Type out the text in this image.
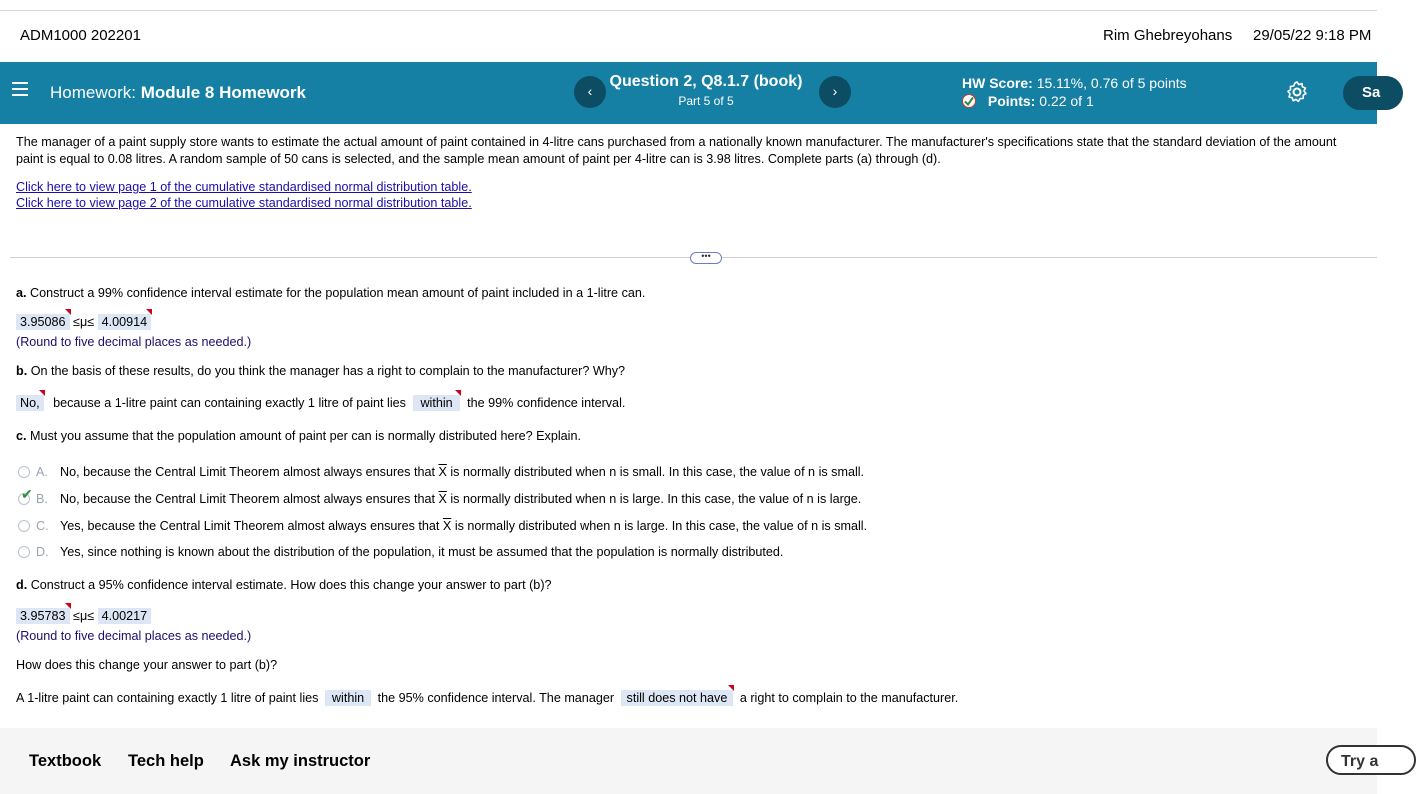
ADM1000 202201	Rim Ghebreyohans 29/05/22 9:18 PM
Homework: Module 8 Homework	‹
Question 2, Q8.1.7 (book)
Part 5 of 5
›	HW Score: 15.11%, 0.76 of 5 points
Points: 0.22 of 1	Sa
The manager of a paint supply store wants to estimate the actual amount of paint contained in 4-litre cans purchased from a nationally known manufacturer. The manufacturer's specifications state that the standard deviation of the amount
paint is equal to 0.08 litres. A random sample of 50 cans is selected, and the sample mean amount of paint per 4-litre can is 3.98 litres. Complete parts (a) through (d).
Click here to view page 1 of the cumulative standardised normal distribution table.
Click here to view page 2 of the cumulative standardised normal distribution table.
•••
a. Construct a 99% confidence interval estimate for the population mean amount of paint included in a 1-litre can.
3.95086 ≤μ≤ 4.00914
(Round to five decimal places as needed.)
b. On the basis of these results, do you think the manager has a right to complain to the manufacturer? Why?
No, because a 1-litre paint can containing exactly 1 litre of paint lies within the 99% confidence interval.
c. Must you assume that the population amount of paint per can is normally distributed here? Explain.
A. No, because the Central Limit Theorem almost always ensures that $\overline{X}$ is normally distributed when n is small. In this case, the value of n is small.
✔ B. No, because the Central Limit Theorem almost always ensures that $\overline{X}$ is normally distributed when n is large. In this case, the value of n is large.
C. Yes, because the Central Limit Theorem almost always ensures that $\overline{X}$ is normally distributed when n is large. In this case, the value of n is small.
D. Yes, since nothing is known about the distribution of the population, it must be assumed that the population is normally distributed.
d. Construct a 95% confidence interval estimate. How does this change your answer to part (b)?
3.95783 ≤μ≤ 4.00217
(Round to five decimal places as needed.)
How does this change your answer to part (b)?
A 1-litre paint can containing exactly 1 litre of paint lies within the 95% confidence interval. The manager still does not have a right to complain to the manufacturer.
Textbook Tech help Ask my instructor	Try a
